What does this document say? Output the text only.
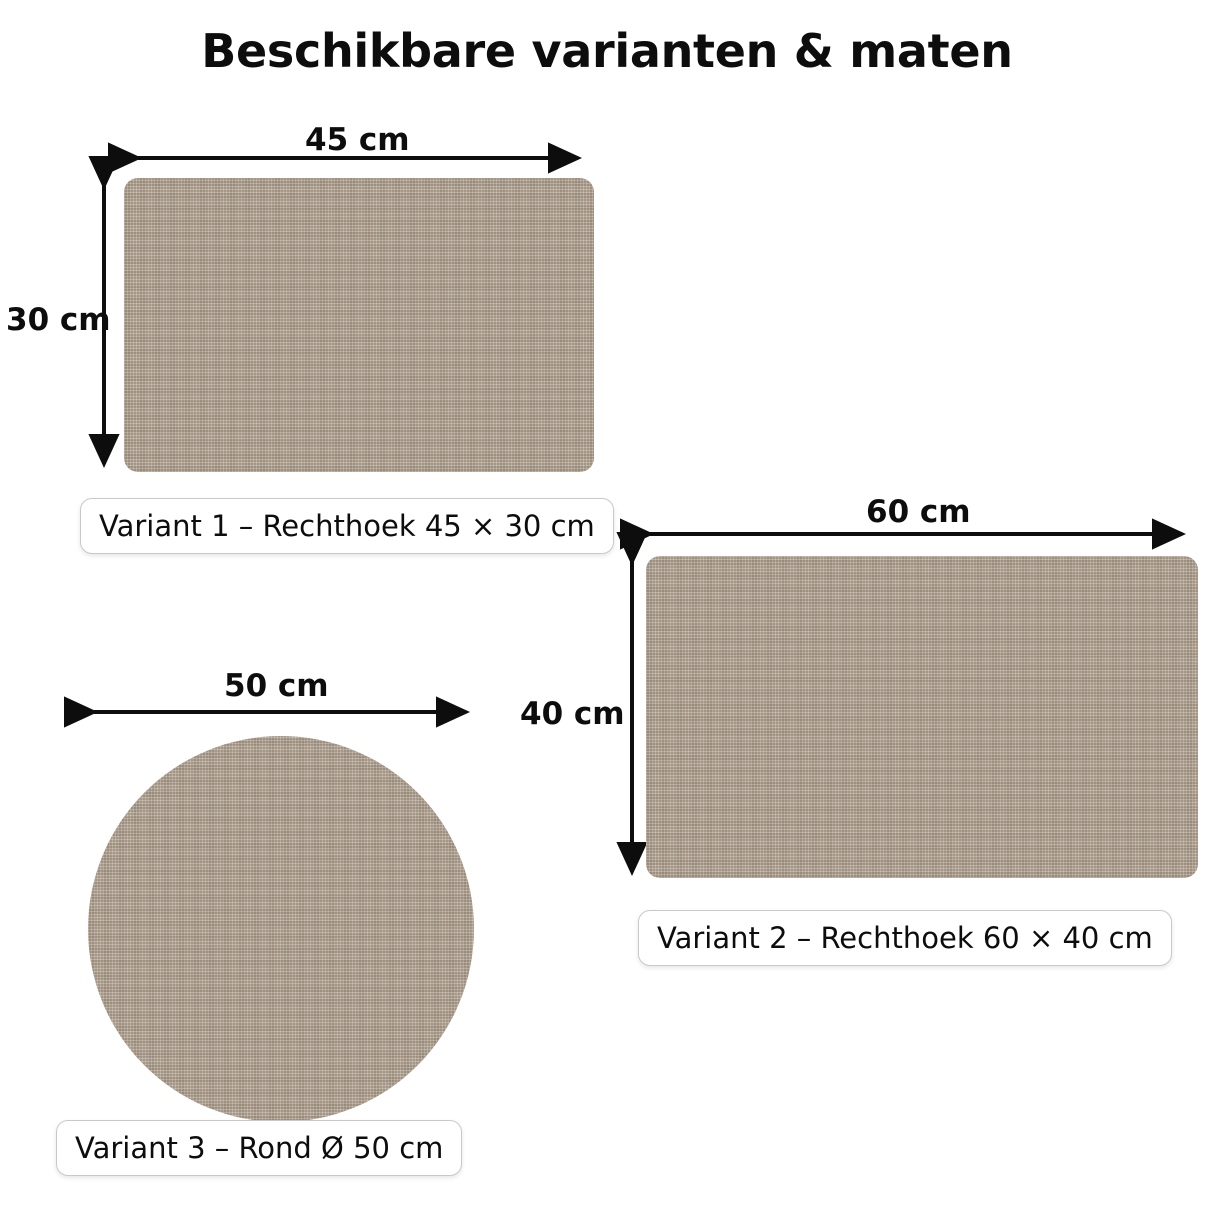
Beschikbare varianten & maten
45 cm
30 cm
Variant 1 – Rechthoek 45 × 30 cm	60 cm
40 cm
Variant 2 – Rechthoek 60 × 40 cm
50 cm
Variant 3 – Rond Ø 50 cm
